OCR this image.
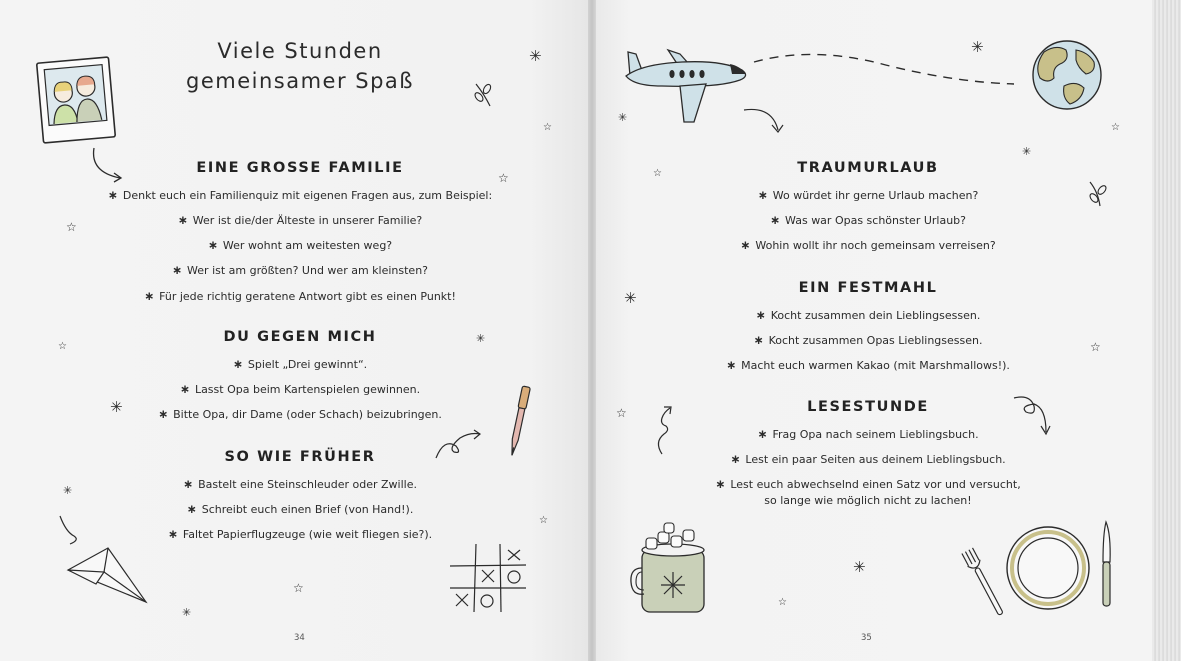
Viele Stunden
gemeinsamer Spaß
EINE GROSSE FAMILIE

∗ Denkt euch ein Familienquiz mit eigenen Fragen aus, zum Beispiel:

∗ Wer ist die/der Älteste in unserer Familie?

∗ Wer wohnt am weitesten weg?

∗ Wer ist am größten? Und wer am kleinsten?

∗ Für jede richtig geratene Antwort gibt es einen Punkt!

DU GEGEN MICH

∗ Spielt „Drei gewinnt“.

∗ Lasst Opa beim Kartenspielen gewinnen.

∗ Bitte Opa, dir Dame (oder Schach) beizubringen.

SO WIE FRÜHER

∗ Bastelt eine Steinschleuder oder Zwille.

∗ Schreibt euch einen Brief (von Hand!).

∗ Faltet Papierflugzeuge (wie weit fliegen sie?).

34
TRAUMURLAUB

∗ Wo würdet ihr gerne Urlaub machen?

∗ Was war Opas schönster Urlaub?

∗ Wohin wollt ihr noch gemeinsam verreisen?

EIN FESTMAHL

∗ Kocht zusammen dein Lieblingsessen.

∗ Kocht zusammen Opas Lieblingsessen.

∗ Macht euch warmen Kakao (mit Marshmallows!).

LESESTUNDE

∗ Frag Opa nach seinem Lieblingsbuch.

∗ Lest ein paar Seiten aus deinem Lieblingsbuch.

∗ Lest euch abwechselnd einen Satz vor und versucht,

so lange wie möglich nicht zu lachen!

35
☆
☆
☆
☆
☆
☆
☆
☆
☆
☆
☆
✳
✳
✳
✳
✳
✳
✳
✳
✳
✳
